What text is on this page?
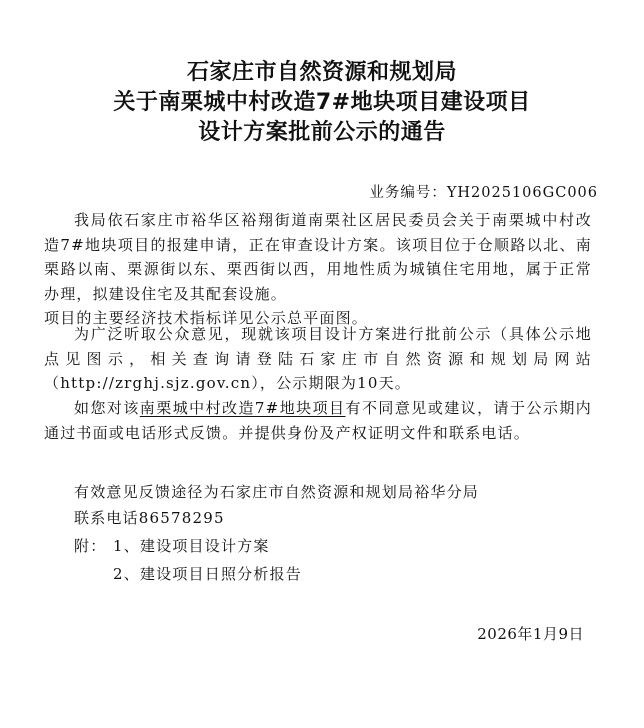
石家庄市自然资源和规划局
关于南栗城中村改造7#地块项目建设项目
设计方案批前公示的通告
业务编号：YH2025106GC006
我局依石家庄市裕华区裕翔街道南栗社区居民委员会关于南栗城中村改造7#地块项目的报建申请，正在审查设计方案。该项目位于仓顺路以北、南栗路以南、栗源街以东、栗西街以西，用地性质为城镇住宅用地，属于正常办理，拟建设住宅及其配套设施。
项目的主要经济技术指标详见公示总平面图。

为广泛听取公众意见，现就该项目设计方案进行批前公示（具体公示地点见图示，相关查询请登陆石家庄市自然资源和规划局网站（http://zrghj.sjz.gov.cn），公示期限为10天。

如您对该南栗城中村改造7#地块项目有不同意见或建议，请于公示期内通过书面或电话形式反馈。并提供身份及产权证明文件和联系电话。

有效意见反馈途径为石家庄市自然资源和规划局裕华分局
联系电话86578295
附： 1、建设项目设计方案
2、建设项目日照分析报告
2026年1月9日
